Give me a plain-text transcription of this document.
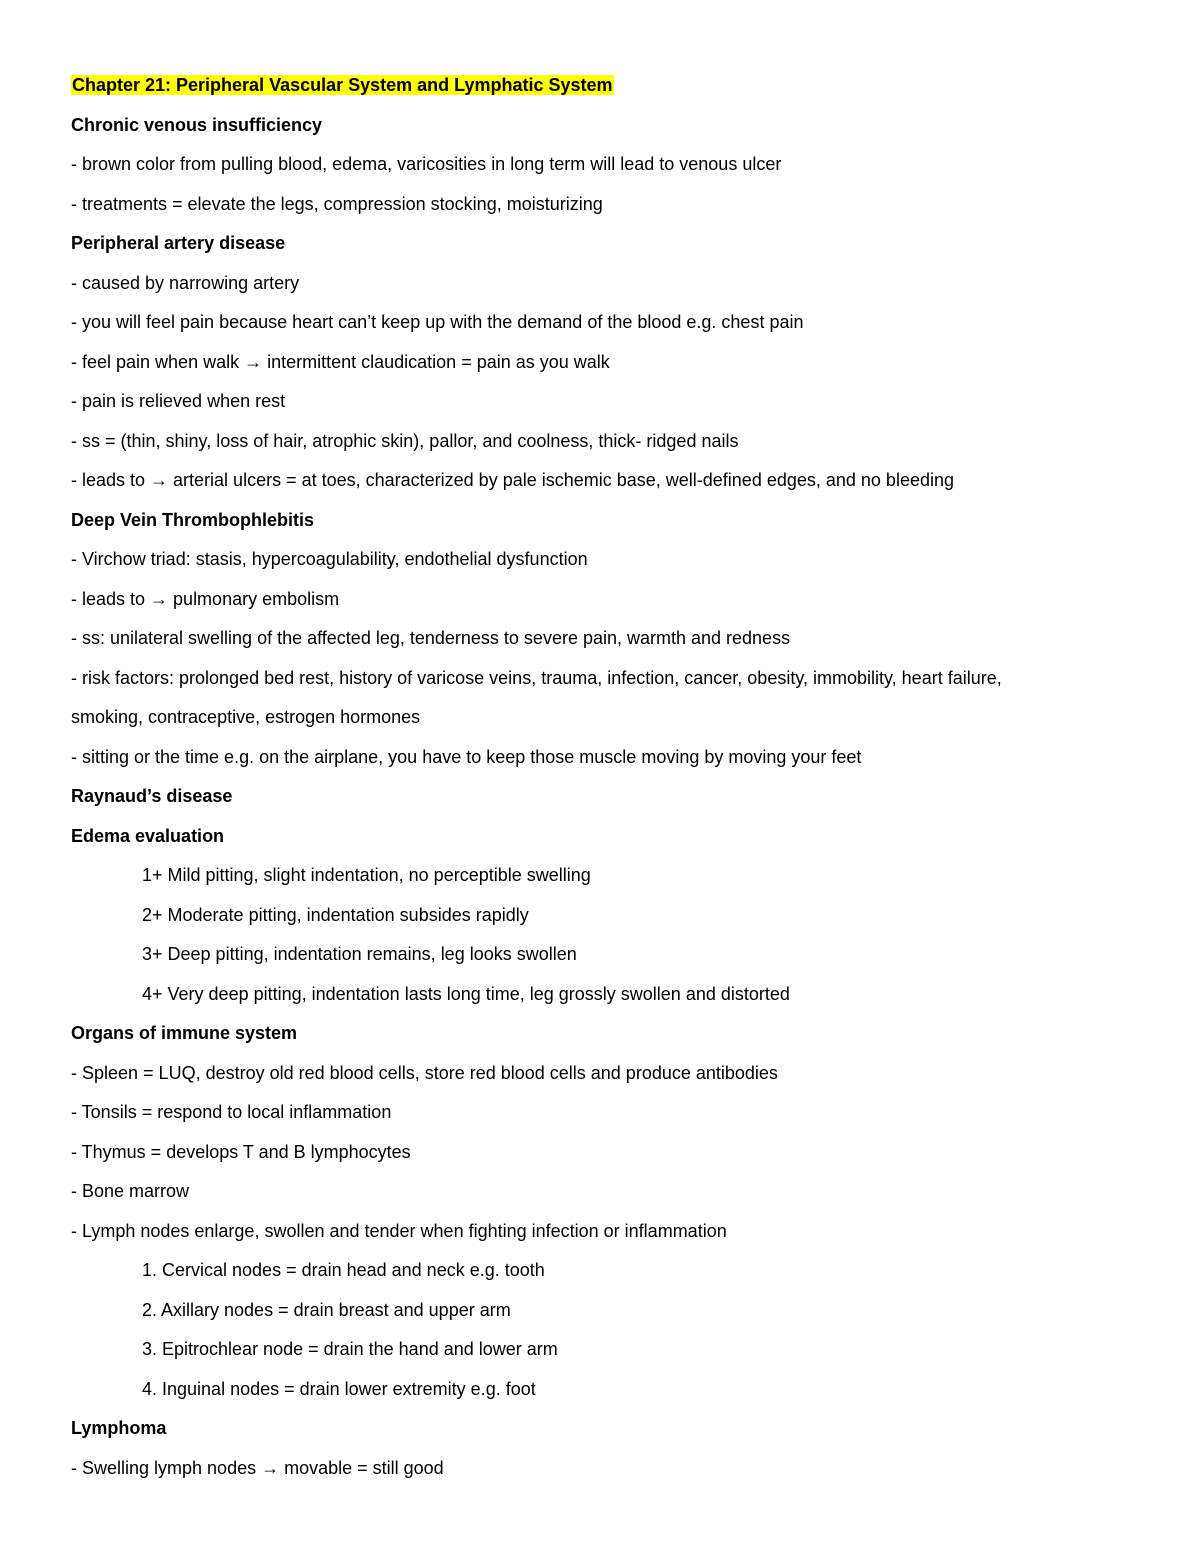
Chapter 21: Peripheral Vascular System and Lymphatic System
Chronic venous insufficiency
- brown color from pulling blood, edema, varicosities in long term will lead to venous ulcer
- treatments = elevate the legs, compression stocking, moisturizing
Peripheral artery disease
- caused by narrowing artery
- you will feel pain because heart can’t keep up with the demand of the blood e.g. chest pain
- feel pain when walk → intermittent claudication = pain as you walk
- pain is relieved when rest
- ss = (thin, shiny, loss of hair, atrophic skin), pallor, and coolness, thick- ridged nails
- leads to → arterial ulcers = at toes, characterized by pale ischemic base, well-defined edges, and no bleeding
Deep Vein Thrombophlebitis
- Virchow triad: stasis, hypercoagulability, endothelial dysfunction
- leads to → pulmonary embolism
- ss: unilateral swelling of the affected leg, tenderness to severe pain, warmth and redness
- risk factors: prolonged bed rest, history of varicose veins, trauma, infection, cancer, obesity, immobility, heart failure,
smoking, contraceptive, estrogen hormones
- sitting or the time e.g. on the airplane, you have to keep those muscle moving by moving your feet
Raynaud’s disease
Edema evaluation
1+ Mild pitting, slight indentation, no perceptible swelling
2+ Moderate pitting, indentation subsides rapidly
3+ Deep pitting, indentation remains, leg looks swollen
4+ Very deep pitting, indentation lasts long time, leg grossly swollen and distorted
Organs of immune system
- Spleen = LUQ, destroy old red blood cells, store red blood cells and produce antibodies
- Tonsils = respond to local inflammation
- Thymus = develops T and B lymphocytes
- Bone marrow
- Lymph nodes enlarge, swollen and tender when fighting infection or inflammation
1. Cervical nodes = drain head and neck e.g. tooth
2. Axillary nodes = drain breast and upper arm
3. Epitrochlear node = drain the hand and lower arm
4. Inguinal nodes = drain lower extremity e.g. foot
Lymphoma
- Swelling lymph nodes → movable = still good
